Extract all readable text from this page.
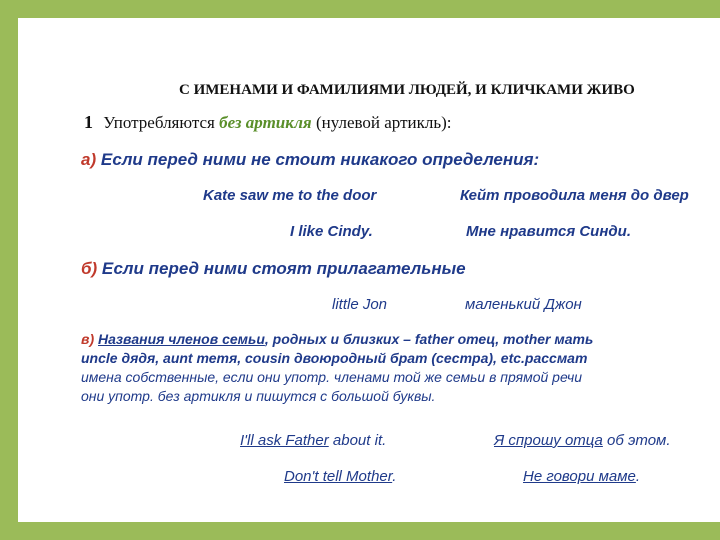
С ИМЕНАМИ И ФАМИЛИЯМИ ЛЮДЕЙ, И КЛИЧКАМИ ЖИВО
1 Употребляются без артикля (нулевой артикль):
а) Если перед ними не стоит никакого определения:
Kate saw me to the door	Кейт проводила меня до двер
I like Cindy.	Мне нравится Синди.
б) Если перед ними стоят прилагательные
little Jon	маленький Джон
в) Названия членов семьи, родных и близких – father отец, mother мать
uncle дядя, aunt тетя, cousin двоюродный брат (сестра), etc.рассмат
имена собственные, если они употр. членами той же семьи в прямой речи
они употр. без артикля и пишутся с большой буквы.
I'll ask Father about it.	Я спрошу отца об этом.
Don't tell Mother.	Не говори маме.
